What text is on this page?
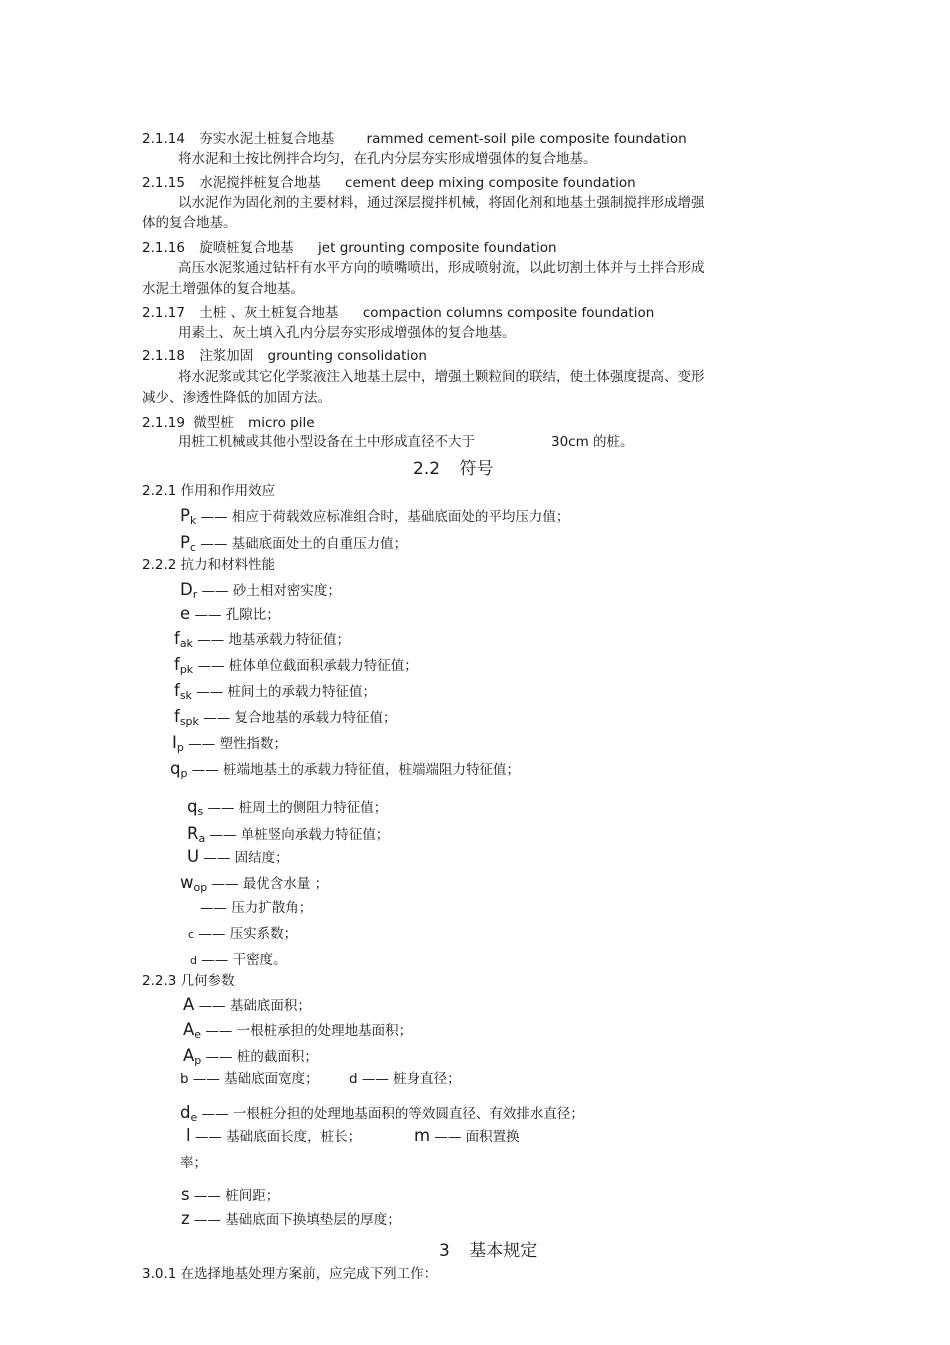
2.1.14 夯实水泥土桩复合地基 rammed cement-soil pile composite foundation
将水泥和土按比例拌合均匀，在孔内分层夯实形成增强体的复合地基。
2.1.15 水泥搅拌桩复合地基 cement deep mixing composite foundation
以水泥作为固化剂的主要材料，通过深层搅拌机械，将固化剂和地基土强制搅拌形成增强
体的复合地基。
2.1.16 旋喷桩复合地基 jet grounting composite foundation
高压水泥浆通过钻杆有水平方向的喷嘴喷出，形成喷射流，以此切割土体并与土拌合形成
水泥土增强体的复合地基。
2.1.17 土桩 、灰土桩复合地基 compaction columns composite foundation
用素土、灰土填入孔内分层夯实形成增强体的复合地基。
2.1.18 注浆加固 grounting consolidation
将水泥浆或其它化学浆液注入地基土层中，增强土颗粒间的联结，使土体强度提高、变形
减少、渗透性降低的加固方法。
2.1.19 微型桩 micro pile
用桩工机械或其他小型设备在土中形成直径不大于	30cm 的桩。
2.2 符号
2.2.1 作用和作用效应
$P_k$ —— 相应于荷载效应标准组合时，基础底面处的平均压力值；
$P_c$ —— 基础底面处土的自重压力值；
2.2.2 抗力和材料性能
$D_r$ —— 砂土相对密实度；
e —— 孔隙比；
$f_{ak}$ —— 地基承载力特征值；
$f_{pk}$ —— 桩体单位截面积承载力特征值；
$f_{sk}$ —— 桩间土的承载力特征值；
$f_{spk}$ —— 复合地基的承载力特征值；
$I_p$ —— 塑性指数；
$q_p$ —— 桩端地基土的承载力特征值，桩端端阻力特征值；
$q_s$ —— 桩周土的侧阻力特征值；
$R_a$ —— 单桩竖向承载力特征值；
U —— 固结度；
$w_{op}$ —— 最优含水量 ；
—— 压力扩散角；
c —— 压实系数；
d —— 干密度。
2.2.3 几何参数
A —— 基础底面积；
$A_e$ —— 一根桩承担的处理地基面积；
$A_p$ —— 桩的截面积；
b —— 基础底面宽度； d —— 桩身直径；
$d_e$ —— 一根桩分担的处理地基面积的等效圆直径、有效排水直径；
l —— 基础底面长度，桩长；	m —— 面积置换
率；
s —— 桩间距；
z —— 基础底面下换填垫层的厚度；
3 基本规定
3.0.1 在选择地基处理方案前，应完成下列工作：
